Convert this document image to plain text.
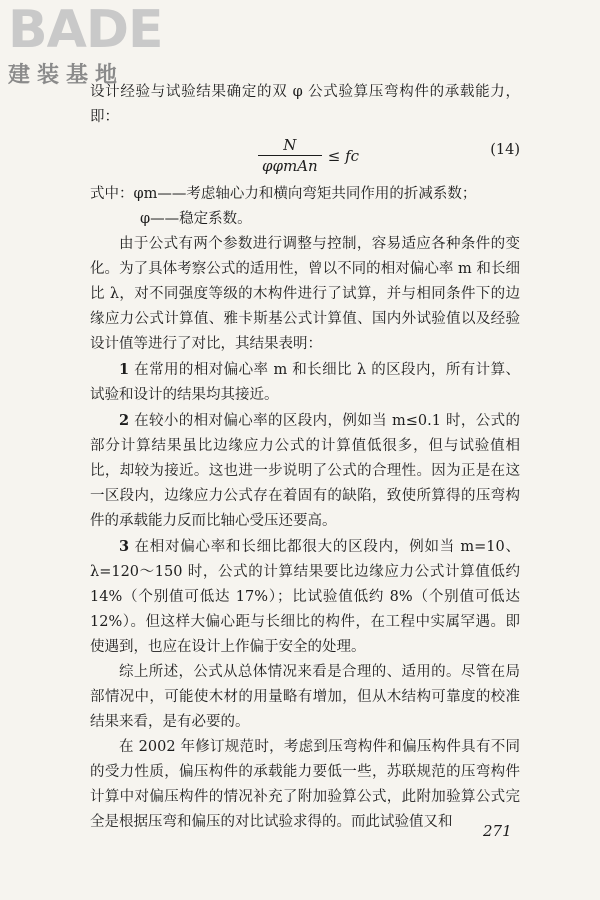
BADE
建装基地

设计经验与试验结果确定的双 φ 公式验算压弯构件的承载能力，即：

$\frac{N}{\text{φφmAn}}$ ≤ fc	(14)
式中：φm——考虑轴心力和横向弯矩共同作用的折减系数；
φ——稳定系数。

由于公式有两个参数进行调整与控制，容易适应各种条件的变化。为了具体考察公式的适用性，曾以不同的相对偏心率 m 和长细比 λ，对不同强度等级的木构件进行了试算，并与相同条件下的边缘应力公式计算值、雅卡斯基公式计算值、国内外试验值以及经验设计值等进行了对比，其结果表明：

1 在常用的相对偏心率 m 和长细比 λ 的区段内，所有计算、试验和设计的结果均其接近。

2 在较小的相对偏心率的区段内，例如当 m≤0.1 时，公式的部分计算结果虽比边缘应力公式的计算值低很多，但与试验值相比，却较为接近。这也进一步说明了公式的合理性。因为正是在这一区段内，边缘应力公式存在着固有的缺陷，致使所算得的压弯构件的承载能力反而比轴心受压还要高。

3 在相对偏心率和长细比都很大的区段内，例如当 m=10、λ=120～150 时，公式的计算结果要比边缘应力公式计算值低约 14%（个别值可低达 17%）；比试验值低约 8%（个别值可低达 12%）。但这样大偏心距与长细比的构件，在工程中实属罕遇。即使遇到，也应在设计上作偏于安全的处理。

综上所述，公式从总体情况来看是合理的、适用的。尽管在局部情况中，可能使木材的用量略有增加，但从木结构可靠度的校准结果来看，是有必要的。

在 2002 年修订规范时，考虑到压弯构件和偏压构件具有不同的受力性质，偏压构件的承载能力要低一些，苏联规范的压弯构件计算中对偏压构件的情况补充了附加验算公式，此附加验算公式完全是根据压弯和偏压的对比试验求得的。而此试验值又和	271
